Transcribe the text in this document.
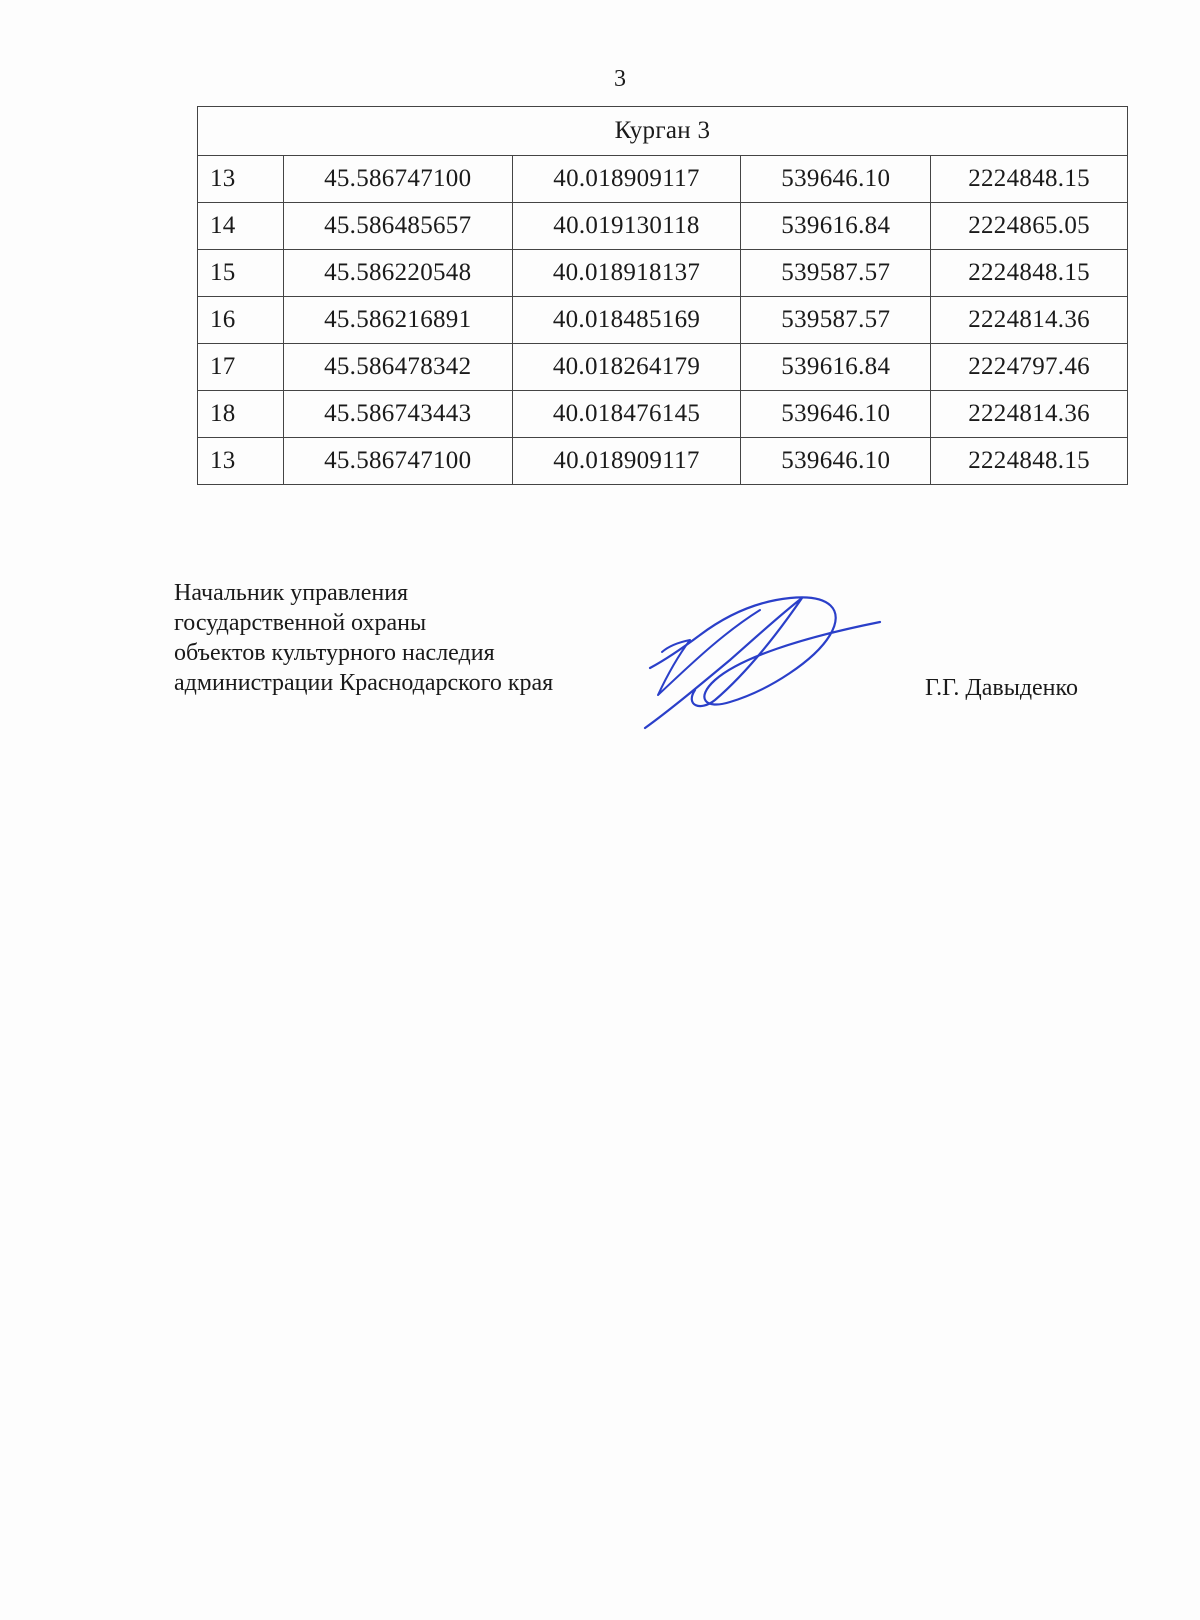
3
Курган 3				
13	45.586747100	40.018909117	539646.10	2224848.15
14	45.586485657	40.019130118	539616.84	2224865.05
15	45.586220548	40.018918137	539587.57	2224848.15
16	45.586216891	40.018485169	539587.57	2224814.36
17	45.586478342	40.018264179	539616.84	2224797.46
18	45.586743443	40.018476145	539646.10	2224814.36
13	45.586747100	40.018909117	539646.10	2224848.15
Начальник управления
государственной охраны
объектов культурного наследия
администрации Краснодарского края	Г.Г. Давыденко
